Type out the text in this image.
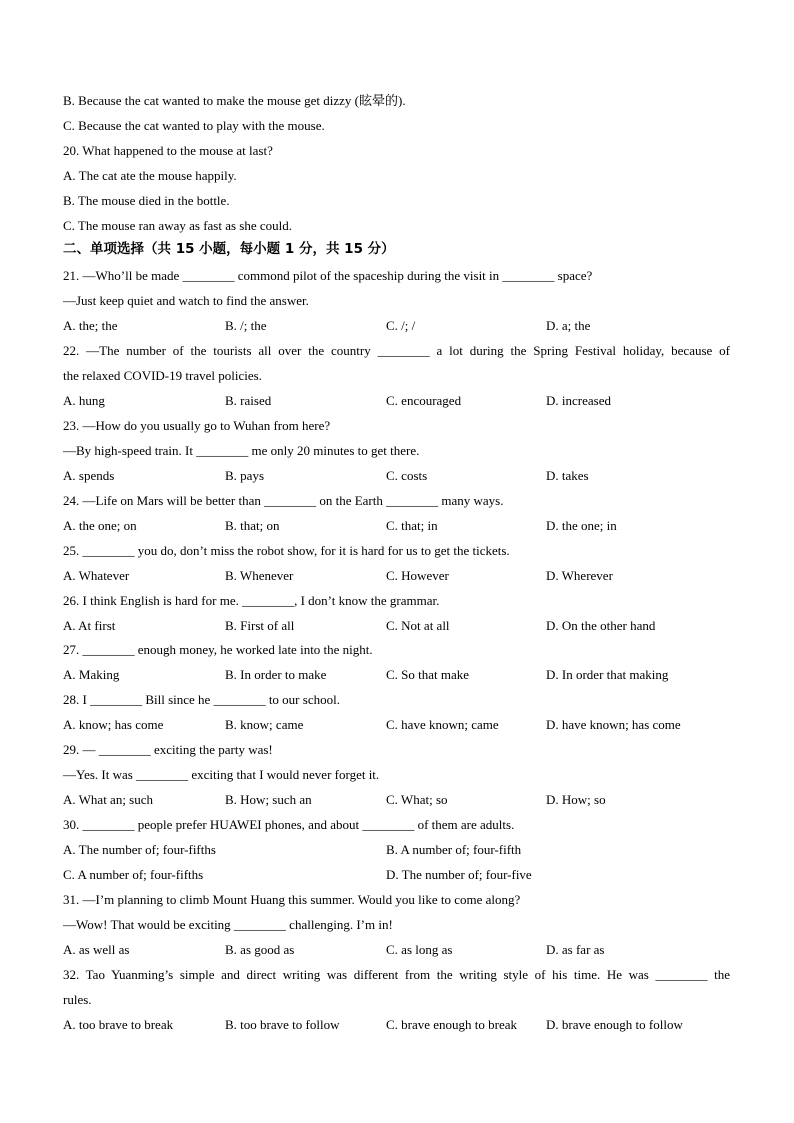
B. Because the cat wanted to make the mouse get dizzy (眩晕的).
C. Because the cat wanted to play with the mouse.
20. What happened to the mouse at last?
A. The cat ate the mouse happily.
B. The mouse died in the bottle.
C. The mouse ran away as fast as she could.
二、单项选择（共 15 小题，每小题 1 分，共 15 分）
21. —Who’ll be made ________ commond pilot of the spaceship during the visit in ________ space?
—Just keep quiet and watch to find the answer.
A. the; the	B. /; the	C. /; /	D. a; the
22. —The number of the tourists all over the country ________ a lot during the Spring Festival holiday, because of
the relaxed COVID-19 travel policies.
A. hung	B. raised	C. encouraged	D. increased
23. —How do you usually go to Wuhan from here?
—By high-speed train. It ________ me only 20 minutes to get there.
A. spends	B. pays	C. costs	D. takes
24. —Life on Mars will be better than ________ on the Earth ________ many ways.
A. the one; on	B. that; on	C. that; in	D. the one; in
25. ________ you do, don’t miss the robot show, for it is hard for us to get the tickets.
A. Whatever	B. Whenever	C. However	D. Wherever
26. I think English is hard for me. ________, I don’t know the grammar.
A. At first	B. First of all	C. Not at all	D. On the other hand
27. ________ enough money, he worked late into the night.
A. Making	B. In order to make	C. So that make	D. In order that making
28. I ________ Bill since he ________ to our school.
A. know; has come	B. know; came	C. have known; came	D. have known; has come
29. — ________ exciting the party was!
—Yes. It was ________ exciting that I would never forget it.
A. What an; such	B. How; such an	C. What; so	D. How; so
30. ________ people prefer HUAWEI phones, and about ________ of them are adults.
A. The number of; four-fifths	B. A number of; four-fifth
C. A number of; four-fifths	D. The number of; four-five
31. —I’m planning to climb Mount Huang this summer. Would you like to come along?
—Wow! That would be exciting ________ challenging. I’m in!
A. as well as	B. as good as	C. as long as	D. as far as
32. Tao Yuanming’s simple and direct writing was different from the writing style of his time. He was ________ the
rules.
A. too brave to break	B. too brave to follow	C. brave enough to break D. brave enough to follow
